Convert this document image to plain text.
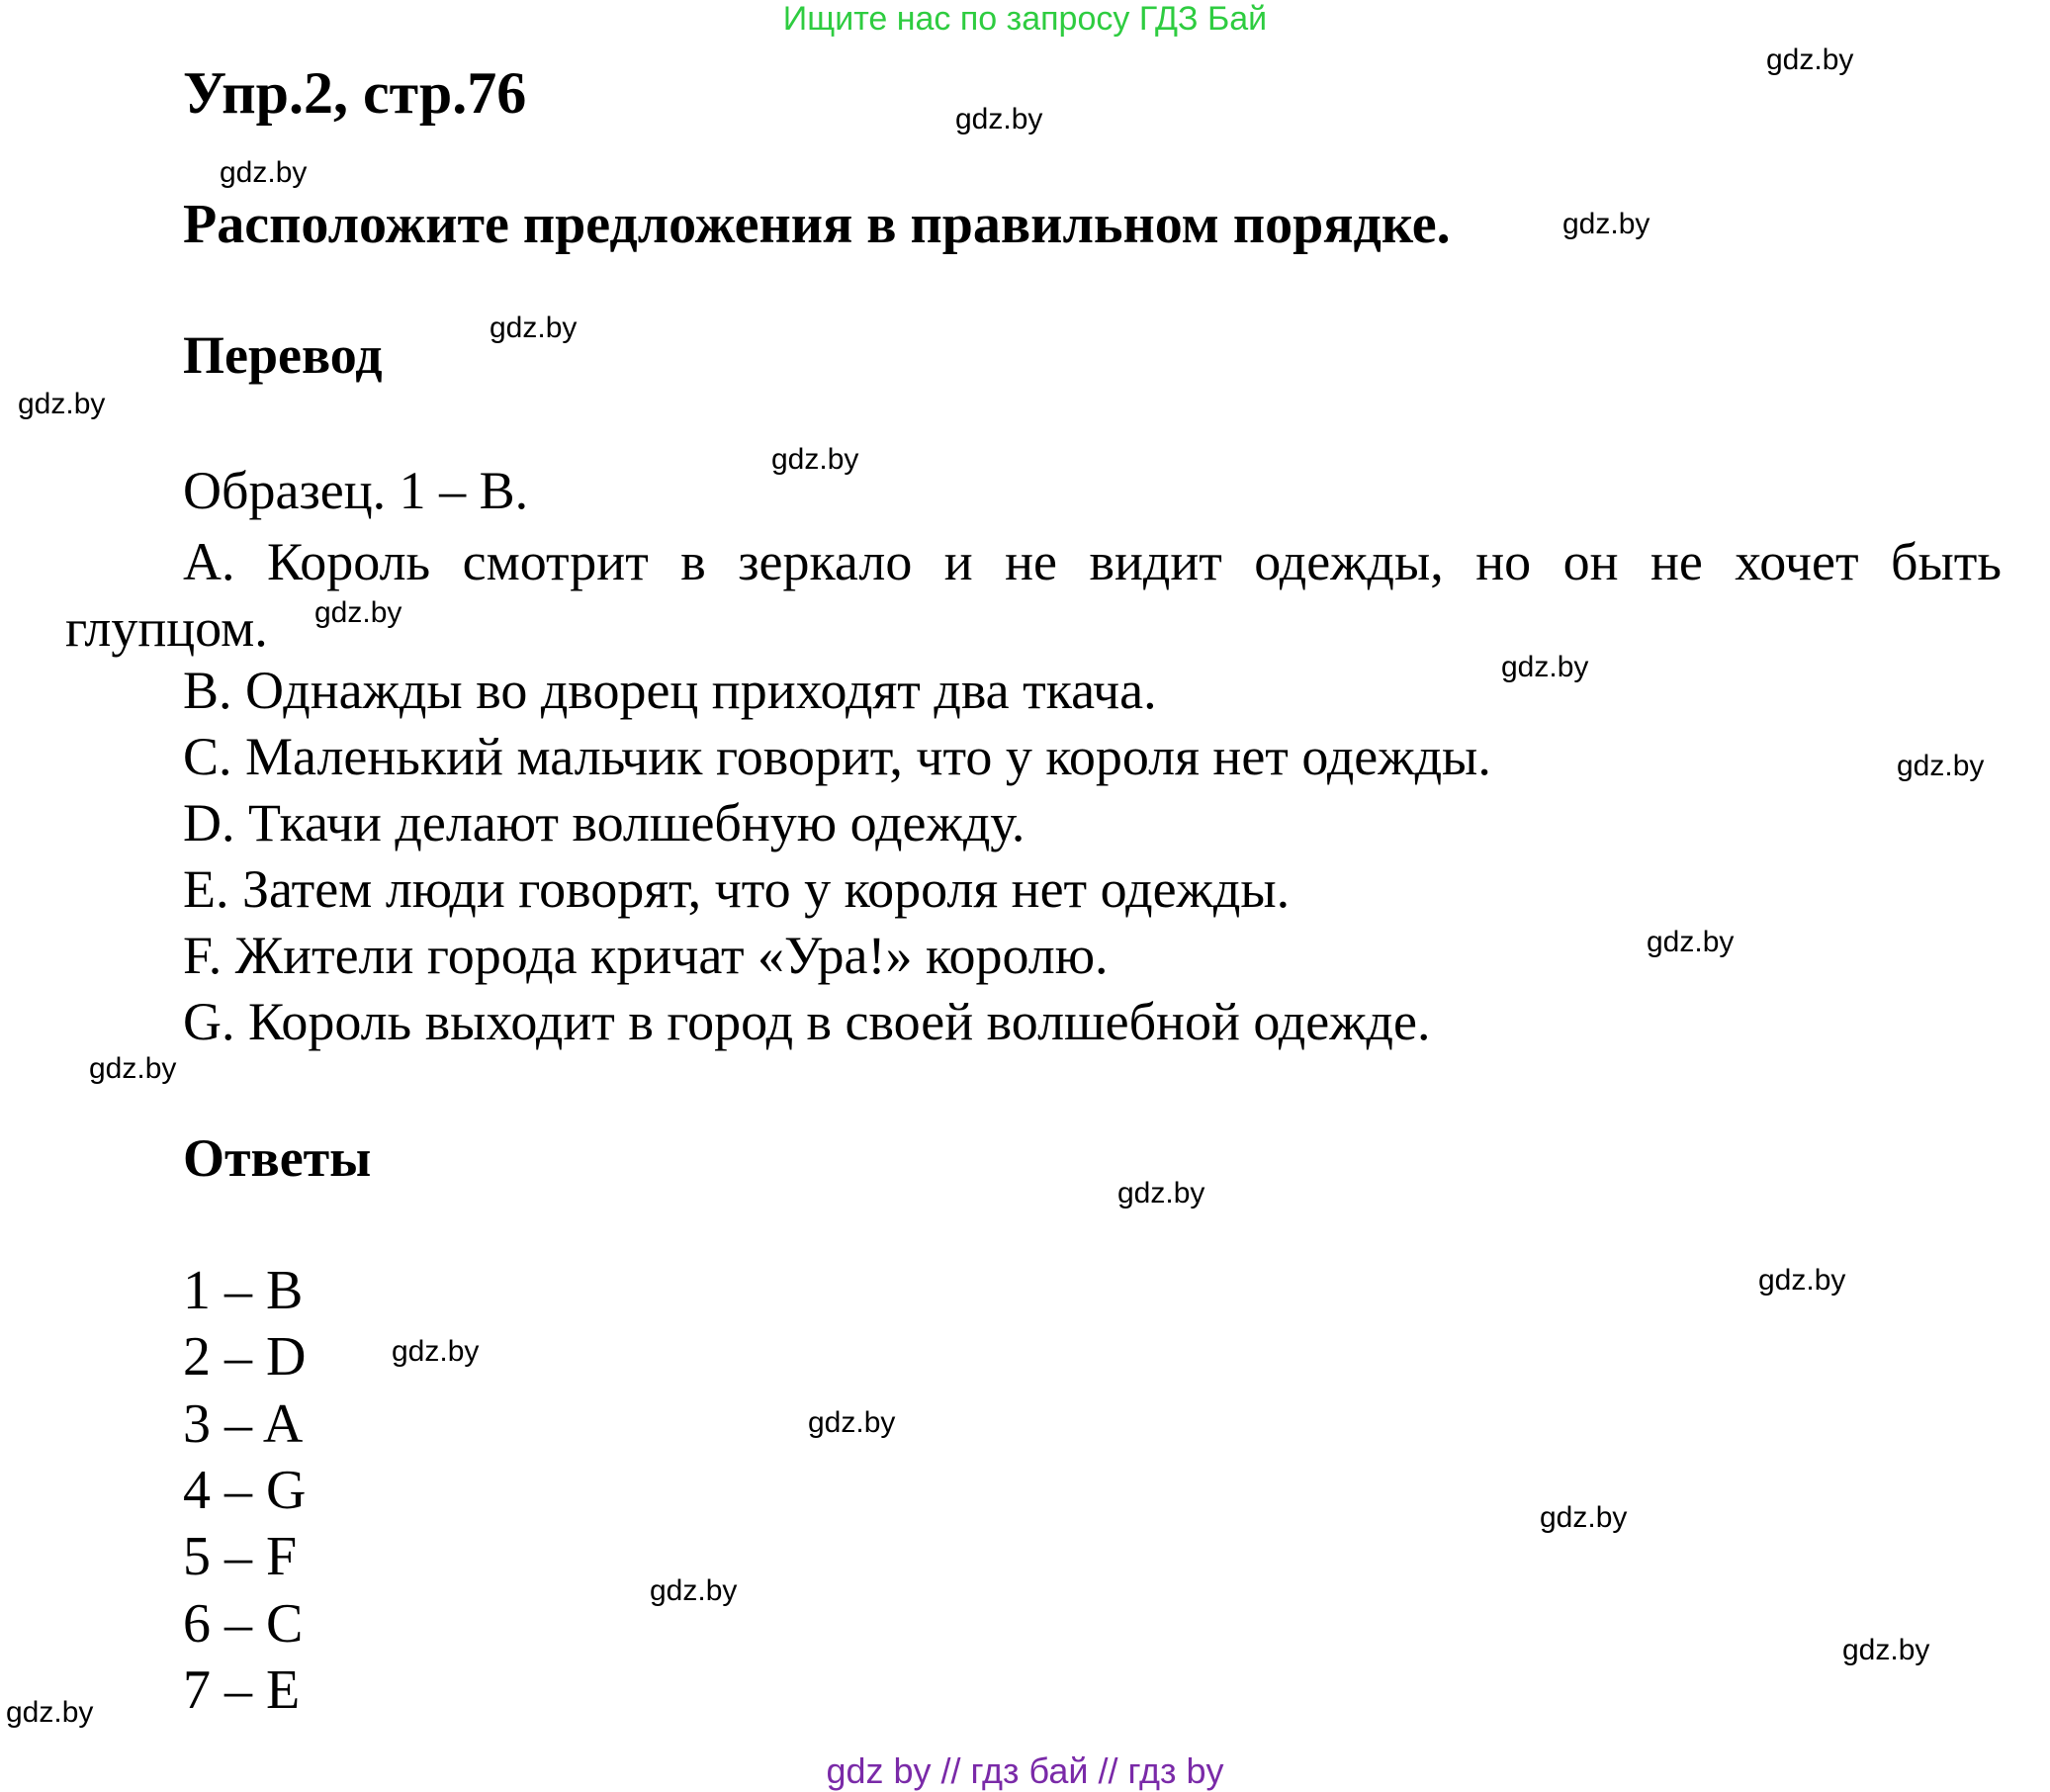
Ищите нас по запросу ГДЗ Бай
Упр.2, стр.76
Расположите предложения в правильном порядке.
Перевод
Образец. 1 – B.
A. Король смотрит в зеркало и не видит одежды, но он не хочет быть
глупцом.
B. Однажды во дворец приходят два ткача.
C. Маленький мальчик говорит, что у короля нет одежды.
D. Ткачи делают волшебную одежду.
E. Затем люди говорят, что у короля нет одежды.
F. Жители города кричат «Ура!» королю.
G. Король выходит в город в своей волшебной одежде.
Ответы
1 – B
2 – D
3 – A
4 – G
5 – F
6 – C
7 – E
gdz.by
gdz.by
gdz.by
gdz.by
gdz.by
gdz.by
gdz.by
gdz.by
gdz.by
gdz.by
gdz.by
gdz.by
gdz.by
gdz.by
gdz.by
gdz.by
gdz.by
gdz.by
gdz.by
gdz.by
gdz by // гдз бай // гдз by
